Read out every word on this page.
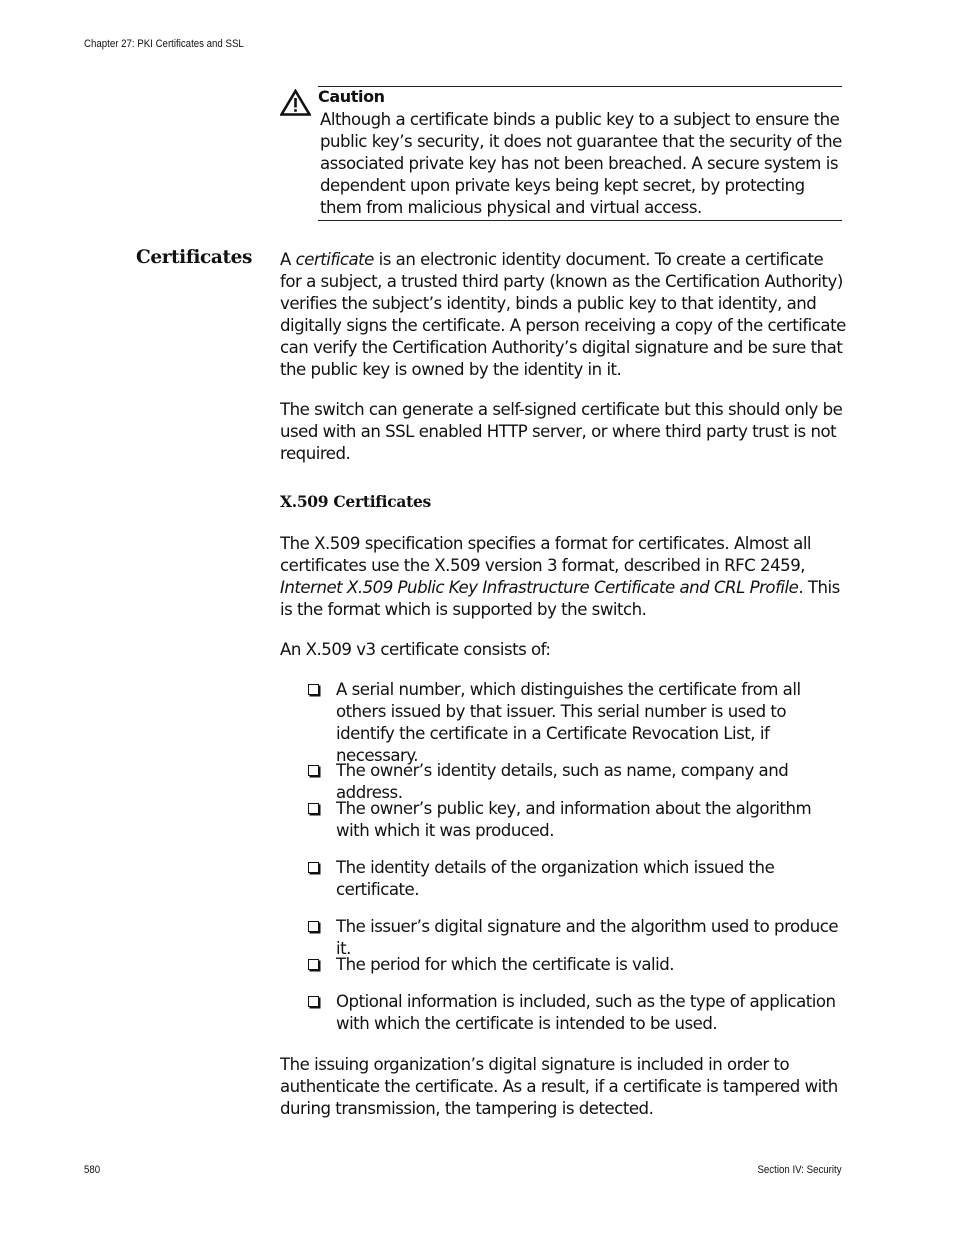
Chapter 27: PKI Certificates and SSL
Caution

Although a certificate binds a public key to a subject to ensure the public key’s security, it does not guarantee that the security of the associated private key has not been breached. A secure system is dependent upon private keys being kept secret, by protecting them from malicious physical and virtual access.

Certificates A certificate is an electronic identity document. To create a certificate for a subject, a trusted third party (known as the Certification Authority) verifies the subject’s identity, binds a public key to that identity, and digitally signs the certificate. A person receiving a copy of the certificate can verify the Certification Authority’s digital signature and be sure that the public key is owned by the identity in it.

The switch can generate a self-signed certificate but this should only be used with an SSL enabled HTTP server, or where third party trust is not required.

X.509 Certificates

The X.509 specification specifies a format for certificates. Almost all certificates use the X.509 version 3 format, described in RFC 2459, Internet X.509 Public Key Infrastructure Certificate and CRL Profile. This is the format which is supported by the switch.

An X.509 v3 certificate consists of:

A serial number, which distinguishes the certificate from all others issued by that issuer. This serial number is used to identify the certificate in a Certificate Revocation List, if necessary.

The owner’s identity details, such as name, company and address.

The owner’s public key, and information about the algorithm with which it was produced.

The identity details of the organization which issued the certificate.

The issuer’s digital signature and the algorithm used to produce it.

The period for which the certificate is valid.

Optional information is included, such as the type of application with which the certificate is intended to be used.

The issuing organization’s digital signature is included in order to authenticate the certificate. As a result, if a certificate is tampered with during transmission, the tampering is detected.

580	Section IV: Security
